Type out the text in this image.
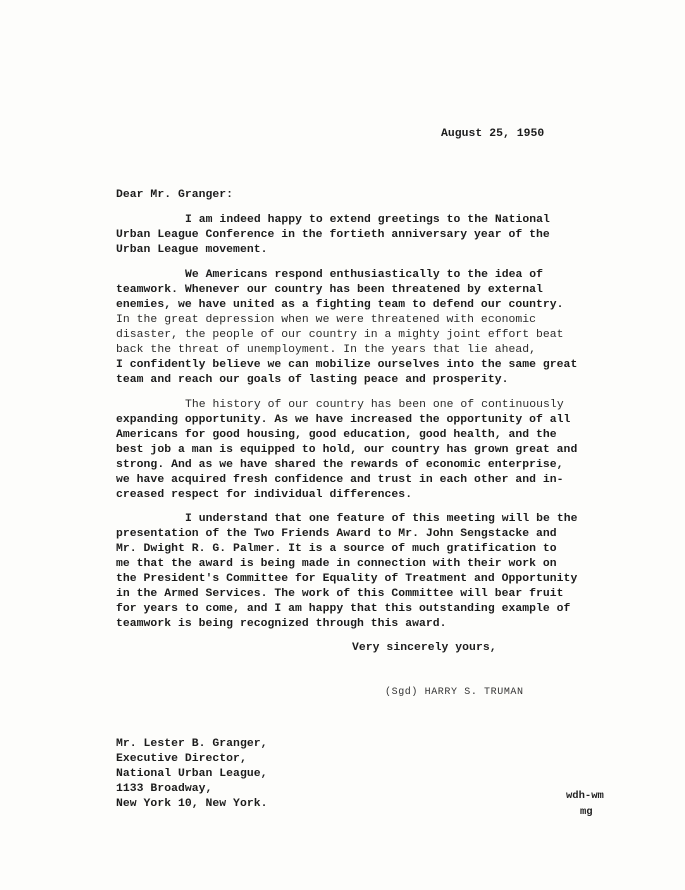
August 25, 1950
Dear Mr. Granger:
I am indeed happy to extend greetings to the National
Urban League Conference in the fortieth anniversary year of the
Urban League movement.
We Americans respond enthusiastically to the idea of
teamwork. Whenever our country has been threatened by external
enemies, we have united as a fighting team to defend our country.
In the great depression when we were threatened with economic
disaster, the people of our country in a mighty joint effort beat
back the threat of unemployment. In the years that lie ahead,
I confidently believe we can mobilize ourselves into the same great
team and reach our goals of lasting peace and prosperity.
The history of our country has been one of continuously
expanding opportunity. As we have increased the opportunity of all
Americans for good housing, good education, good health, and the
best job a man is equipped to hold, our country has grown great and
strong. And as we have shared the rewards of economic enterprise,
we have acquired fresh confidence and trust in each other and in-
creased respect for individual differences.
I understand that one feature of this meeting will be the
presentation of the Two Friends Award to Mr. John Sengstacke and
Mr. Dwight R. G. Palmer. It is a source of much gratification to
me that the award is being made in connection with their work on
the President's Committee for Equality of Treatment and Opportunity
in the Armed Services. The work of this Committee will bear fruit
for years to come, and I am happy that this outstanding example of
teamwork is being recognized through this award.
Very sincerely yours,
(Sgd) HARRY S. TRUMAN
Mr. Lester B. Granger,
Executive Director,
National Urban League,
1133 Broadway,
New York 10, New York.
wdh-wm
mg
